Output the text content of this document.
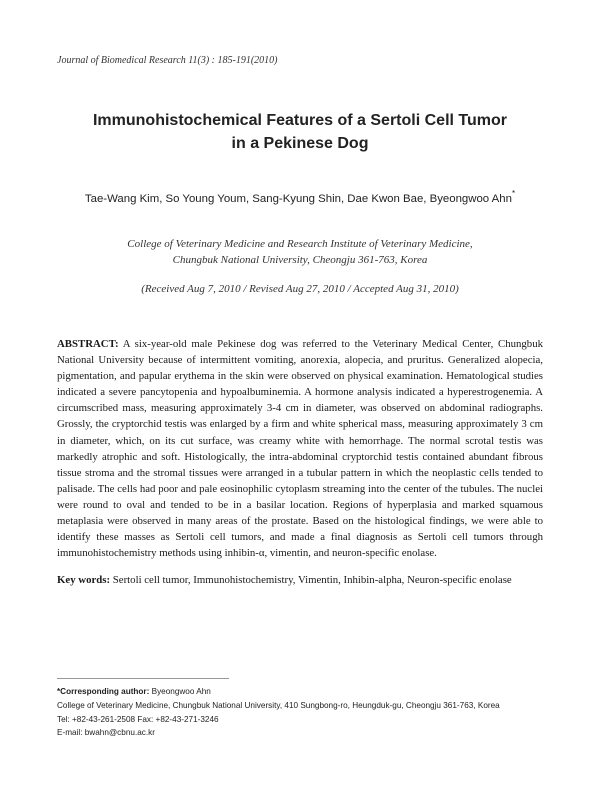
Journal of Biomedical Research 11(3) : 185-191(2010)
Immunohistochemical Features of a Sertoli Cell Tumor
in a Pekinese Dog
Tae-Wang Kim, So Young Youm, Sang-Kyung Shin, Dae Kwon Bae, Byeongwoo Ahn*
College of Veterinary Medicine and Research Institute of Veterinary Medicine,
Chungbuk National University, Cheongju 361-763, Korea
(Received Aug 7, 2010 / Revised Aug 27, 2010 / Accepted Aug 31, 2010)

ABSTRACT: A six-year-old male Pekinese dog was referred to the Veterinary Medical Center, Chungbuk National University because of intermittent vomiting, anorexia, alopecia, and pruritus. Generalized alopecia, pigmentation, and papular erythema in the skin were observed on physical examination. Hematological studies indicated a severe pancytopenia and hypoalbuminemia. A hormone analysis indicated a hyperestrogenemia. A circumscribed mass, measuring approximately 3-4 cm in diameter, was observed on abdominal radiographs. Grossly, the cryptorchid testis was enlarged by a firm and white spherical mass, measuring approximately 3 cm in diameter, which, on its cut surface, was creamy white with hemorrhage. The normal scrotal testis was markedly atrophic and soft. Histologically, the intra-abdominal cryptorchid testis contained abundant fibrous tissue stroma and the stromal tissues were arranged in a tubular pattern in which the neoplastic cells tended to palisade. The cells had poor and pale eosinophilic cytoplasm streaming into the center of the tubules. The nuclei were round to oval and tended to be in a basilar location. Regions of hyperplasia and marked squamous metaplasia were observed in many areas of the prostate. Based on the histological findings, we were able to identify these masses as Sertoli cell tumors, and made a final diagnosis as Sertoli cell tumors through immunohistochemistry methods using inhibin-α, vimentin, and neuron-specific enolase.

Key words: Sertoli cell tumor, Immunohistochemistry, Vimentin, Inhibin-alpha, Neuron-specific enolase
*Corresponding author: Byeongwoo Ahn
College of Veterinary Medicine, Chungbuk National University, 410 Sungbong-ro, Heungduk-gu, Cheongju 361-763, Korea
Tel: +82-43-261-2508 Fax: +82-43-271-3246
E-mail: bwahn@cbnu.ac.kr
